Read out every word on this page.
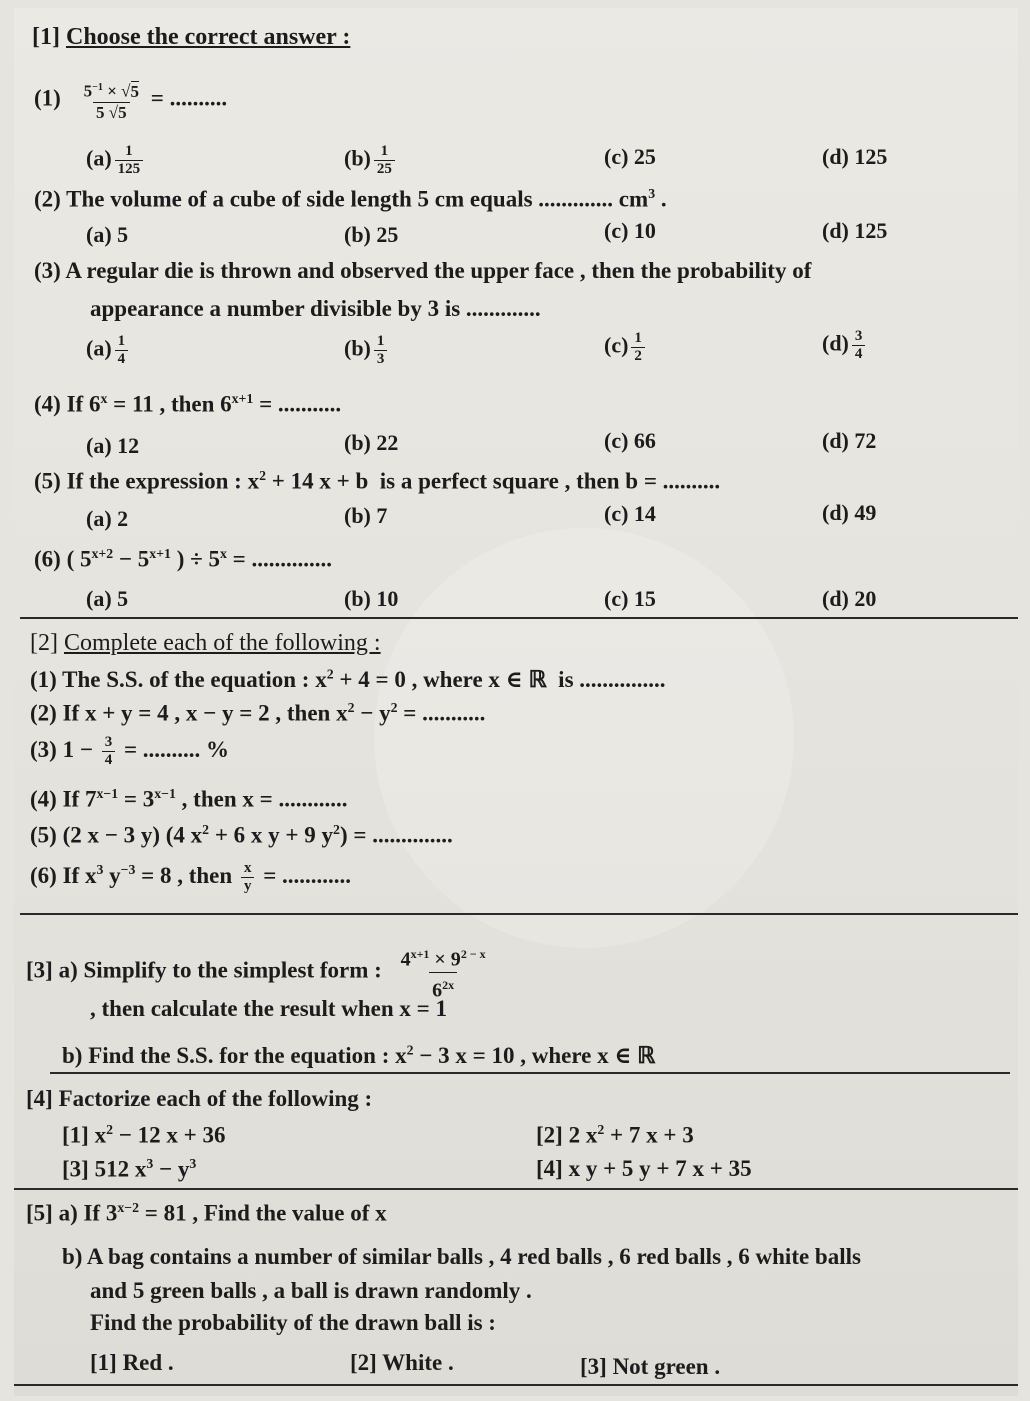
[1] Choose the correct answer :
$(1) \frac{5^{-1} \times √5}{5 √5}$ = ..........
$(a) \frac{1}{125}$	$(b) \frac{1}{25}$	(c) 25	(d) 125
(2) The volume of a cube of side length 5 cm equals ............. $cm^3$ .
(a) 5	(b) 25	(c) 10	(d) 125
(3) A regular die is thrown and observed the upper face , then the probability of
appearance a number divisible by 3 is .............
$(a) \frac{1}{4}$	$(b) \frac{1}{3}$	$(c) \frac{1}{2}$	$(d) \frac{3}{4}$
(4) If $6^x = 11$ , then $6^{x+1}$ = ...........
(a) 12	(b) 22	(c) 66	(d) 72
(5) If the expression : $x^2 + 14$ x + b  is a perfect square , then b = ..........
(a) 2	(b) 7	(c) 14	(d) 49
(6) ( $5^{x+2} - 5^{x+1}$ ) ÷ $5^x$ = ..............
(a) 5	(b) 10	(c) 15	(d) 20
[2] Complete each of the following :
(1) The S.S. of the equation : $x^2 + 4 = 0$ , where x ∈ ℝ  is ...............
(2) If x + y = 4 , x − y = 2 , then $x^2 - y^2$ = ...........
(3) $1 - \frac{3}{4}$ = .......... %
(4) If $7^{x-1} = 3^{x-1}$ , then x = ............
(5) (2 x − 3 y) (4 $x^2 + 6$ x y + 9 $y^2$) = ..............
(6) If $x^3$ $y^{-3} = 8$ , then $\frac{x}{y}$ = ............
[3] a) Simplify to the simplest form : $\frac{4^{x+1} \times 9^{2 - x}}{6^{2x}}$
, then calculate the result when x = 1
b) Find the S.S. for the equation : $x^2 - 3$ x = 10 , where x ∈ ℝ
[4] Factorize each of the following :
[1] $x^2 - 12$ x + 36	[2] 2 $x^2 + 7$ x + 3
[3] 512 $x^3 - y^3$	[4] x y + 5 y + 7 x + 35
[5] a) If $3^{x-2} = 81$ , Find the value of x
b) A bag contains a number of similar balls , 4 red balls , 6 red balls , 6 white balls
and 5 green balls , a ball is drawn randomly .
Find the probability of the drawn ball is :
[1] Red .	[2] White .	[3] Not green .
